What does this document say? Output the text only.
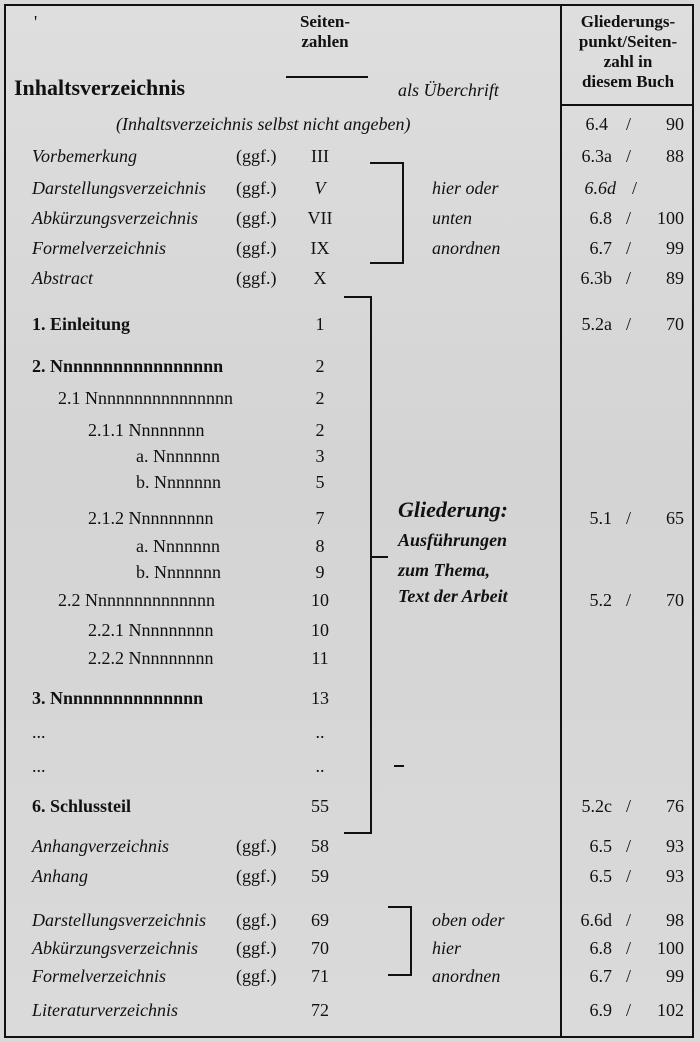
'	Seiten-
zahlen
Gliederungs-
punkt/Seiten-
zahl in
diesem Buch
Inhaltsverzeichnis	als Überchrift
(Inhaltsverzeichnis selbst nicht angeben)	6.4 /	90
Vorbemerkung	(ggf.)	III	6.3a /	88
Darstellungsverzeichnis (ggf.)	V	6.6d /
Abkürzungsverzeichnis (ggf.)	VII	6.8 /	100
Formelverzeichnis	(ggf.)	IX	6.7 /	99
Abstract	(ggf.)	X	6.3b /	89
1. Einleitung	1	5.2a /	70
2. Nnnnnnnnnnnnnnnnn	2
2.1 Nnnnnnnnnnnnnnnn	2
2.1.1 Nnnnnnnn	2
a. Nnnnnnn	3
b. Nnnnnnn	5
2.1.2 Nnnnnnnnn	7	5.1 /	65
a. Nnnnnnn	8
b. Nnnnnnn	9
2.2 Nnnnnnnnnnnnnn	10	5.2 /	70
2.2.1 Nnnnnnnnn	10
2.2.2 Nnnnnnnnn	11
3. Nnnnnnnnnnnnnnn	13
...	..
...	..
6. Schlussteil	55	5.2c /	76
Anhangverzeichnis	(ggf.)	58	6.5 /	93
Anhang	(ggf.)	59	6.5 /	93
Darstellungsverzeichnis (ggf.)	69	6.6d /	98
Abkürzungsverzeichnis (ggf.)	70	6.8 /	100
Formelverzeichnis	(ggf.)	71	6.7 /	99
Literaturverzeichnis	72	6.9 /	102
hier oder
unten
anordnen
Gliederung:
Ausführungen
zum Thema,
Text der Arbeit
oben oder
hier
anordnen
